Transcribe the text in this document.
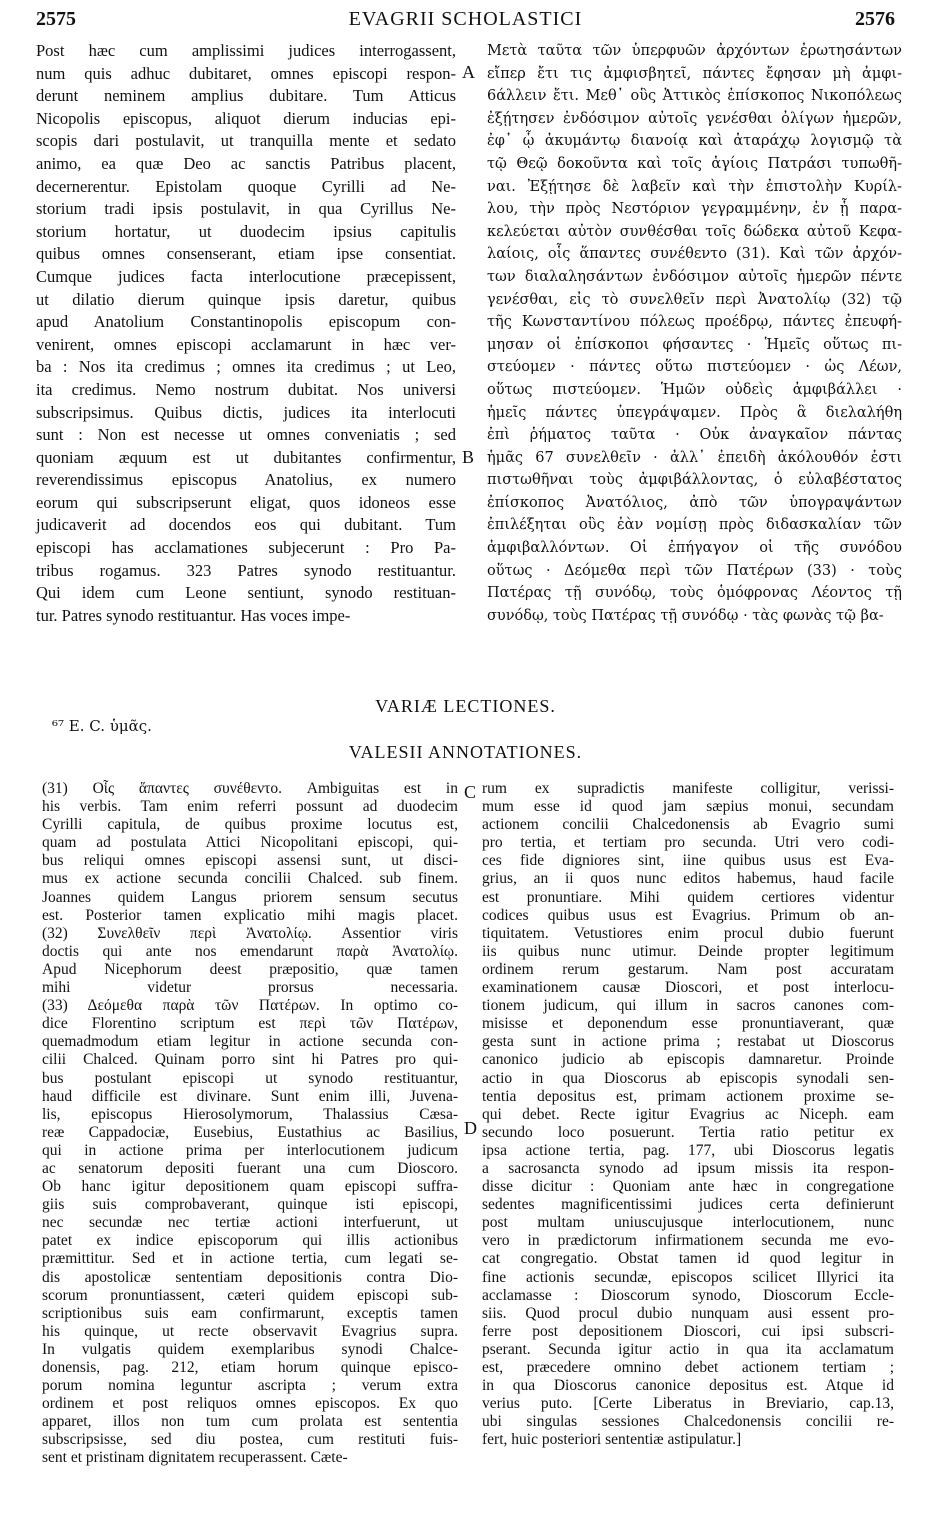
2575	EVAGRII SCHOLASTICI	2576
Post hæc cum amplissimi judices interrogassent,
num quis adhuc dubitaret, omnes episcopi respon-
derunt neminem amplius dubitare. Tum Atticus
Nicopolis episcopus, aliquot dierum inducias epi-
scopis dari postulavit, ut tranquilla mente et sedato
animo, ea quæ Deo ac sanctis Patribus placent,
decernerentur. Epistolam quoque Cyrilli ad Ne-
storium tradi ipsis postulavit, in qua Cyrillus Ne-
storium hortatur, ut duodecim ipsius capitulis
quibus omnes consenserant, etiam ipse consentiat.
Cumque judices facta interlocutione præcepissent,
ut dilatio dierum quinque ipsis daretur, quibus
apud Anatolium Constantinopolis episcopum con-
venirent, omnes episcopi acclamarunt in hæc ver-
ba : Nos ita credimus ; omnes ita credimus ; ut Leo,
ita credimus. Nemo nostrum dubitat. Nos universi
subscripsimus. Quibus dictis, judices ita interlocuti
sunt : Non est necesse ut omnes conveniatis ; sed
quoniam æquum est ut dubitantes confirmentur,
reverendissimus episcopus Anatolius, ex numero
eorum qui subscripserunt eligat, quos idoneos esse
judicaverit ad docendos eos qui dubitant. Tum
episcopi has acclamationes subjecerunt : Pro Pa-
tribus rogamus. 323 Patres synodo restituantur.
Qui idem cum Leone sentiunt, synodo restituan-
tur. Patres synodo restituantur. Has voces impe-
Μετὰ ταῦτα τῶν ὑπερφυῶν ἀρχόντων ἐρωτησάντων
εἴπερ ἔτι τις ἀμφισβητεῖ, πάντες ἔφησαν μὴ ἀμφι-
6άλλειν ἔτι. Μεθ᾽ οὓς Ἀττικὸς ἐπίσκοπος Νικοπόλεως
ἐξῄτησεν ἐνδόσιμον αὐτοῖς γενέσθαι ὀλίγων ἡμερῶν,
ἐφ᾽ ᾧ ἀκυμάντῳ διανοίᾳ καὶ ἀταράχῳ λογισμῷ τὰ
τῷ Θεῷ δοκοῦντα καὶ τοῖς ἁγίοις Πατράσι τυπωθῆ-
ναι. Ἐξῄτησε δὲ λαβεῖν καὶ τὴν ἐπιστολὴν Κυρίλ-
λου, τὴν πρὸς Νεστόριον γεγραμμένην, ἐν ᾗ παρα-
κελεύεται αὐτὸν συνθέσθαι τοῖς δώδεκα αὐτοῦ Κεφα-
λαίοις, οἷς ἅπαντες συνέθεντο (31). Καὶ τῶν ἀρχόν-
των διαλαλησάντων ἐνδόσιμον αὐτοῖς ἡμερῶν πέντε
γενέσθαι, εἰς τὸ συνελθεῖν περὶ Ἀνατολίῳ (32) τῷ
τῆς Κωνσταντίνου πόλεως προέδρῳ, πάντες ἐπευφή-
μησαν οἱ ἐπίσκοποι φήσαντες · Ἡμεῖς οὕτως πι-
στεύομεν · πάντες οὕτω πιστεύομεν · ὡς Λέων,
οὕτως πιστεύομεν. Ἡμῶν οὐδεὶς ἀμφιβάλλει ·
ἡμεῖς πάντες ὑπεγράψαμεν. Πρὸς ἃ διελαλήθη
ἐπὶ ῥήματος ταῦτα · Οὐκ ἀναγκαῖον πάντας
ἡμᾶς 67 συνελθεῖν · ἀλλ᾽ ἐπειδὴ ἀκόλουθόν ἐστι
πιστωθῆναι τοὺς ἀμφιβάλλοντας, ὁ εὐλαβέστατος
ἐπίσκοπος Ἀνατόλιος, ἀπὸ τῶν ὑπογραψάντων
ἐπιλέξηται οὓς ἐὰν νομίσῃ πρὸς διδασκαλίαν τῶν
ἀμφιβαλλόντων. Οἱ ἐπήγαγον οἱ τῆς συνόδου
οὕτως · Δεόμεθα περὶ τῶν Πατέρων (33) · τοὺς
Πατέρας τῇ συνόδῳ, τοὺς ὁμόφρονας Λέοντος τῇ
συνόδῳ, τοὺς Πατέρας τῇ συνόδῳ · τὰς φωνὰς τῷ βα-
A
B
C
D
VARIÆ LECTIONES.
⁶⁷ E. C. ὑμᾶς.
VALESII ANNOTATIONES.
(31) Οἷς ἅπαντες συνέθεντο. Ambiguitas est in
his verbis. Tam enim referri possunt ad duodecim
Cyrilli capitula, de quibus proxime locutus est,
quam ad postulata Attici Nicopolitani episcopi, qui-
bus reliqui omnes episcopi assensi sunt, ut disci-
mus ex actione secunda concilii Chalced. sub finem.
Joannes quidem Langus priorem sensum secutus
est. Posterior tamen explicatio mihi magis placet.
(32) Συνελθεῖν περὶ Ἀνατολίῳ. Assentior viris
doctis qui ante nos emendarunt παρὰ Ἀνατολίῳ.
Apud Nicephorum deest præpositio, quæ tamen
mihi videtur prorsus necessaria.
(33) Δεόμεθα παρὰ τῶν Πατέρων. In optimo co-
dice Florentino scriptum est περὶ τῶν Πατέρων,
quemadmodum etiam legitur in actione secunda con-
cilii Chalced. Quinam porro sint hi Patres pro qui-
bus postulant episcopi ut synodo restituantur,
haud difficile est divinare. Sunt enim illi, Juvena-
lis, episcopus Hierosolymorum, Thalassius Cæsa-
reæ Cappadociæ, Eusebius, Eustathius ac Basilius,
qui in actione prima per interlocutionem judicum
ac senatorum depositi fuerant una cum Dioscoro.
Ob hanc igitur depositionem quam episcopi suffra-
giis suis comprobaverant, quinque isti episcopi,
nec secundæ nec tertiæ actioni interfuerunt, ut
patet ex indice episcoporum qui illis actionibus
præmittitur. Sed et in actione tertia, cum legati se-
dis apostolicæ sententiam depositionis contra Dio-
scorum pronuntiassent, cæteri quidem episcopi sub-
scriptionibus suis eam confirmarunt, exceptis tamen
his quinque, ut recte observavit Evagrius supra.
In vulgatis quidem exemplaribus synodi Chalce-
donensis, pag. 212, etiam horum quinque episco-
porum nomina leguntur ascripta ; verum extra
ordinem et post reliquos omnes episcopos. Ex quo
apparet, illos non tum cum prolata est sententia
subscripsisse, sed diu postea, cum restituti fuis-
sent et pristinam dignitatem recuperassent. Cæte-
rum ex supradictis manifeste colligitur, verissi-
mum esse id quod jam sæpius monui, secundam
actionem concilii Chalcedonensis ab Evagrio sumi
pro tertia, et tertiam pro secunda. Utri vero codi-
ces fide digniores sint, iine quibus usus est Eva-
grius, an ii quos nunc editos habemus, haud facile
est pronuntiare. Mihi quidem certiores videntur
codices quibus usus est Evagrius. Primum ob an-
tiquitatem. Vetustiores enim procul dubio fuerunt
iis quibus nunc utimur. Deinde propter legitimum
ordinem rerum gestarum. Nam post accuratam
examinationem causæ Dioscori, et post interlocu-
tionem judicum, qui illum in sacros canones com-
misisse et deponendum esse pronuntiaverant, quæ
gesta sunt in actione prima ; restabat ut Dioscorus
canonico judicio ab episcopis damnaretur. Proinde
actio in qua Dioscorus ab episcopis synodali sen-
tentia depositus est, primam actionem proxime se-
qui debet. Recte igitur Evagrius ac Niceph. eam
secundo loco posuerunt. Tertia ratio petitur ex
ipsa actione tertia, pag. 177, ubi Dioscorus legatis
a sacrosancta synodo ad ipsum missis ita respon-
disse dicitur : Quoniam ante hæc in congregatione
sedentes magnificentissimi judices certa definierunt
post multam uniuscujusque interlocutionem, nunc
vero in prædictorum infirmationem secunda me evo-
cat congregatio. Obstat tamen id quod legitur in
fine actionis secundæ, episcopos scilicet Illyrici ita
acclamasse : Dioscorum synodo, Dioscorum Eccle-
siis. Quod procul dubio nunquam ausi essent pro-
ferre post depositionem Dioscori, cui ipsi subscri-
pserant. Secunda igitur actio in qua ita acclamatum
est, præcedere omnino debet actionem tertiam ;
in qua Dioscorus canonice depositus est. Atque id
verius puto. [Certe Liberatus in Breviario, cap.13,
ubi singulas sessiones Chalcedonensis concilii re-
fert, huic posteriori sententiæ astipulatur.]
